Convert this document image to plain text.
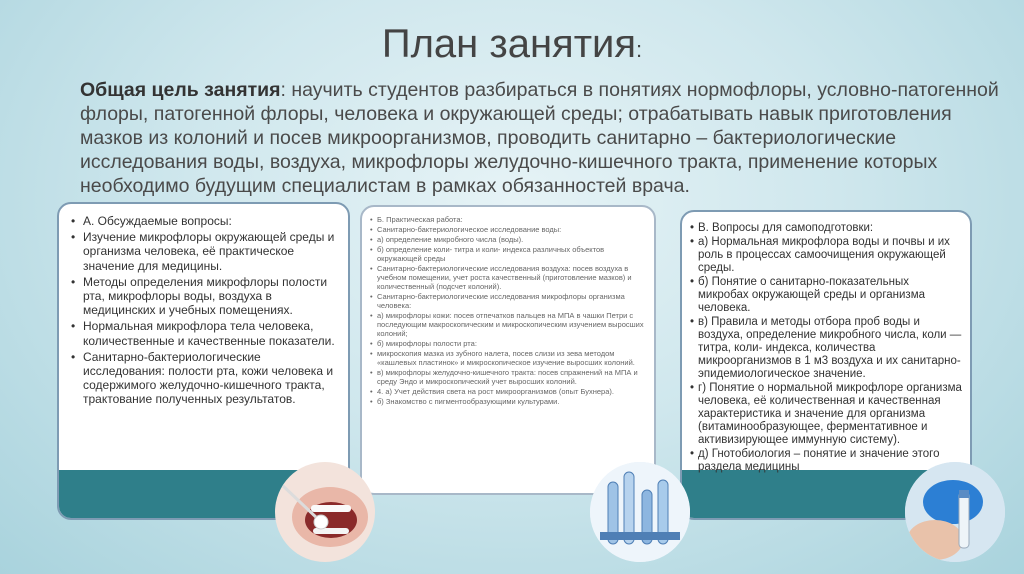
План занятия:
Общая цель занятия: научить студентов разбираться в понятиях нормофлоры, условно-патогенной флоры, патогенной флоры, человека и окружающей среды; отрабатывать навык приготовления мазков из колоний и посев микроорганизмов, проводить санитарно – бактериологические исследования воды, воздуха, микрофлоры желудочно-кишечного тракта, применение которых необходимо будущим специалистам в рамках обязанностей врача.
• А. Обсуждаемые вопросы:
• Изучение микрофлоры окружающей среды и организма человека, её практическое значение для медицины.
• Методы определения микрофлоры полости рта, микрофлоры воды, воздуха в медицинских и учебных помещениях.
• Нормальная микрофлора тела человека, количественные и качественные показатели.
• Санитарно-бактериологические исследования: полости рта, кожи человека и содержимого желудочно-кишечного тракта, трактование полученных результатов.
• Б. Практическая работа:
• Санитарно-бактериологическое исследование воды:
• а) определение микробного числа (воды).
• б) определение коли- титра и коли- индекса различных объектов окружающей среды
• Санитарно-бактериологические исследования воздуха: посев воздуха в учебном помещении, учет роста качественный (приготовление мазков) и количественный (подсчет колоний).
• Санитарно-бактериологические исследования микрофлоры организма человека:
• а) микрофлоры кожи: посев отпечатков пальцев на МПА в чашки Петри с последующим макроскопическим и микроскопическим изучением выросших колоний;
• б) микрофлоры полости рта:
• микроскопия мазка из зубного налета, посев слизи из зева методом «кашлевых пластинок» и микроскопическое изучение выросших колоний.
• в) микрофлоры желудочно-кишечного тракта: посев спражнений на МПА и среду Эндо и микроскопический учет выросших колоний.
• 4. а) Учет действия света на рост микроорганизмов (опыт Бухнера).
• б) Знакомство с пигментообразующими культурами.
• В. Вопросы для самоподготовки:
• а) Нормальная микрофлора воды и почвы и их роль в процессах самоочищения окружающей среды.
• б) Понятие о санитарно-показательных микробах окружающей среды и организма человека.
• в) Правила и методы отбора проб воды и воздуха, определение микробного числа, коли — титра, коли- индекса, количества микроорганизмов в 1 м3 воздуха и их санитарно-эпидемиологическое значение.
• г) Понятие о нормальной микрофлоре организма человека, её количественная и качественная характеристика и значение для организма (витаминообразующее, ферментативное и активизирующее иммунную систему).
• д) Гнотобиология – понятие и значение этого раздела медицины
